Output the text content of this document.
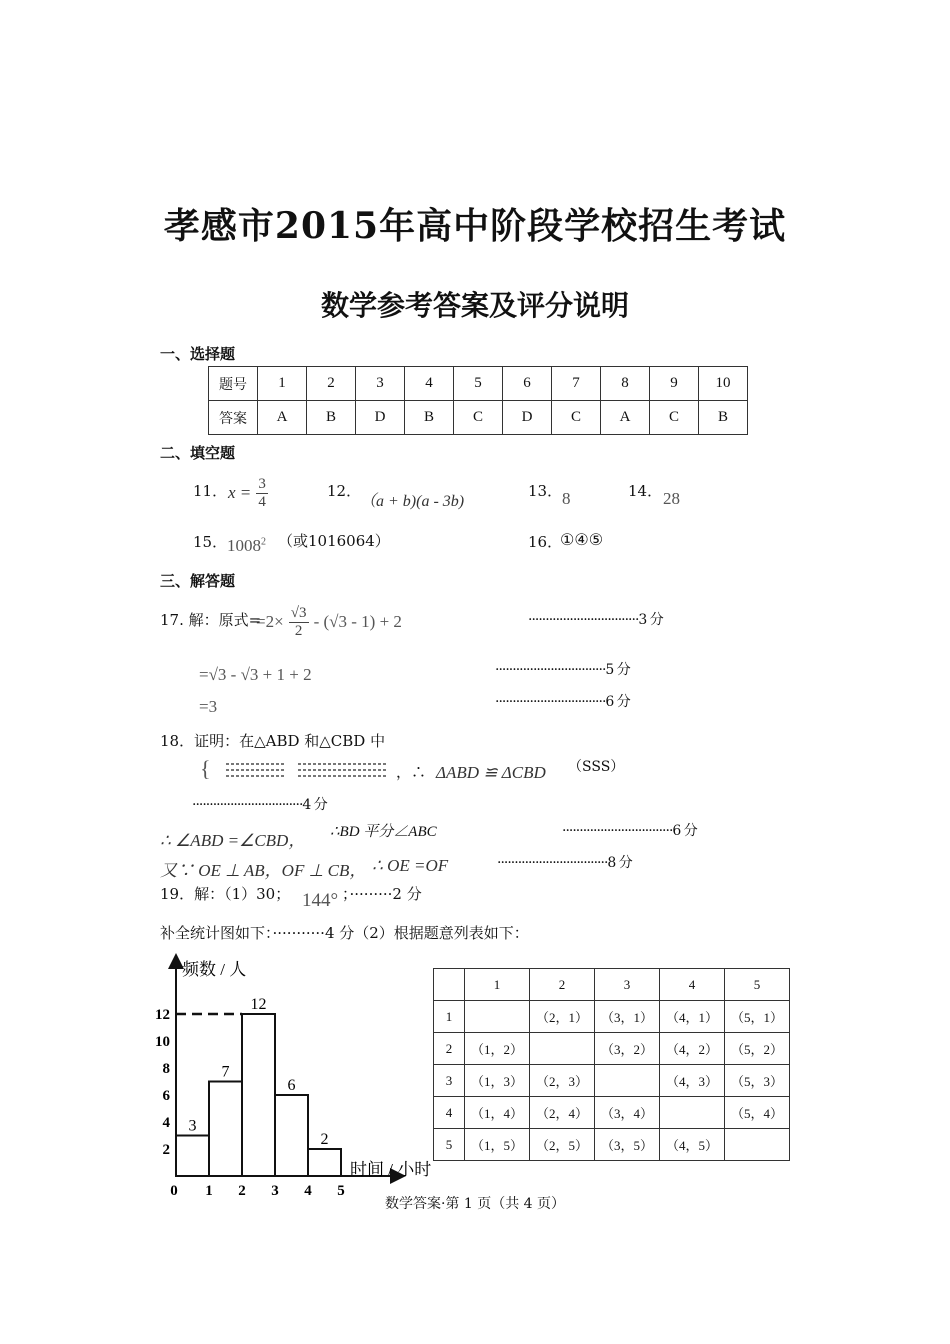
孝感市2015年高中阶段学校招生考试
数学参考答案及评分说明
一、选择题
题号	1	2	3	4	5	6	7	8	9	10
答案	A	B	D	B	C	D	C	A	C	B
二、填空题
11． $x = \frac{3}{4}$	12．
（a + b)(a - 3b)
13． 8	14． 28
15． 1008$^2$ （或1016064）	16．
①④⑤
三、解答题
17. 解：原式=
$=2\times \frac{√3}{2} - (√3 - 1) + 2$	································3 分
=√3 - √3 + 1 + 2	································5 分
=3	································6 分
18．证明：在△ABD 和△CBD 中
{	，∴ ΔABD ≌ ΔCBD （SSS）
································4 分
∴ ∠ABD =∠CBD， ∴BD 平分∠ABC	································6 分
又∵ OE ⊥ AB，OF ⊥ CB， ∴ OE =OF	································8 分
19．解：（1）30； 144° ；·········2 分
补全统计图如下：···········4 分（2）根据题意列表如下：
频数 / 人
时间 / 小时
2
4
6
8
10
12
0 1 2 3 4 5
3
7
12
6
2
	1	2	3	4	5
1		（2，1）	（3，1）	（4，1）	（5，1）
2	（1，2）		（3，2）	（4，2）	（5，2）
3	（1，3）	（2，3）		（4，3）	（5，3）
4	（1，4）	（2，4）	（3，4）		（5，4）
5	（1，5）	（2，5）	（3，5）	（4，5）	
数学答案·第 1 页（共 4 页）
